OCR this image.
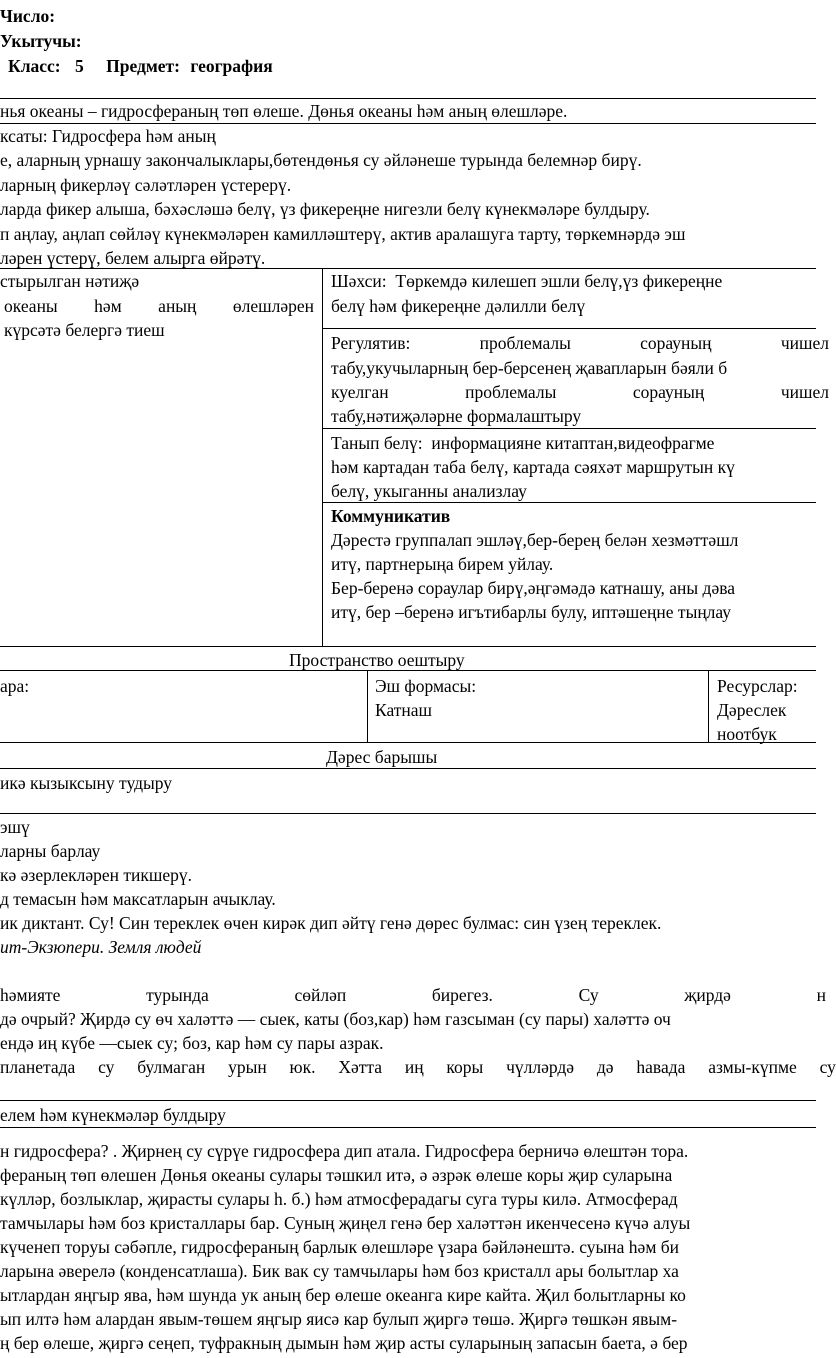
Число:
Укытучы:
Класс: 5 Предмет: география
нья океаны – гидросфераның төп өлеше. Дөнья океаны һәм аның өлешләре.
ксаты: Гидросфера һәм аның
е, аларның урнашу закончалыклары,бөтендөнья су әйләнеше турында белемнәр бирү.
ларның фикерләү сәләтләрен үстерерү.
ларда фикер алыша, бәхәсләшә белү, үз фикереңне нигезли белү күнекмәләре булдыру.
п аңлау, аңлап сөйләү күнекмәләрен камилләштерү, актив аралашуга тарту, төркемнәрдә эш
ләрен үстерү, белем алырга өйрәтү.
стырылган нәтиҗә
океаны һәм аның өлешләрен
күрсәтә белергә тиеш
Шәхси: Төркемдә килешеп эшли белү,үз фикереңне
белү һәм фикереңне дәлилли белү
Регулятив:	проблемалы	сорауның	чишел
табу,укучыларның бер-берсенең җавапларын бәяли б
куелган	проблемалы	сорауның	чишел
табу,нәтиҗәләрне формалаштыру
Танып белү: информацияне китаптан,видеофрагме
һәм картадан таба белү, картада сәяхәт маршрутын кү
белү, укыганны анализлау
Коммуникатив
Дәрестә группалап эшләү,бер-берең белән хезмәттәшл
итү, партнерыңа бирем уйлау.
Бер-беренә сораулар бирү,әңгәмәдә катнашу, аны дәва
итү, бер –беренә игътибарлы булу, иптәшеңне тыңлау
Пространство оештыру
ара:	Эш формасы:
Катнаш
Ресурслар:
Дәреслек
ноотбук
Дәрес барышы
икә кызыксыну тудыру
эшү
ларны барлау
кә әзерлекләрен тикшерү.
д темасын һәм максатларын ачыклау.
ик диктант. Су! Син тереклек өчен кирәк дип әйтү генә дөрес булмас: син үзең тереклек.
ит-Экзюпери. Земля людей
һәмияте	турында	сөйләп	бирегез.	Су	җирдә	н
дә очрый? Җирдә су өч халәттә — сыек, каты (боз,кар) һәм газсыман (су пары) халәттә оч
ендә иң күбе —сыек су; боз, кар һәм су пары азрак.
планетада су булмаган урын юк. Хәтта иң коры чүлләрдә дә һавада азмы-күпме су
елем һәм күнекмәләр булдыру
н гидросфера? . Җирнең су сүрүе гидросфера дип атала. Гидросфера берничә өлештән тора.
фераның төп өлешен Дөнья океаны сулары тәшкил итә, ә әзрәк өлеше коры җир суларына
күлләр, бозлыклар, җирасты сулары һ. б.) һәм атмосферадагы суга туры килә. Атмосферад
тамчылары һәм боз кристаллары бар. Суның җиңел генә бер халәттән икенчесенә күчә алуы
күченеп торуы сәбәпле, гидросфераның барлык өлешләре үзара бәйләнештә. суына һәм би
ларына әверелә (конденсатлаша). Бик вак су тамчылары һәм боз кристалл ары болытлар ха
ытлардан яңгыр ява, һәм шунда ук аның бер өлеше океанга кире кайта. Җил болытларны ко
ып илтә һәм алардан явым-төшем яңгыр яисә кар булып җиргә төшә. Җиргә төшкән явым-
ң бер өлеше, җиргә сеңеп, туфракның дымын һәм җир асты суларының запасын баета, ә бер
